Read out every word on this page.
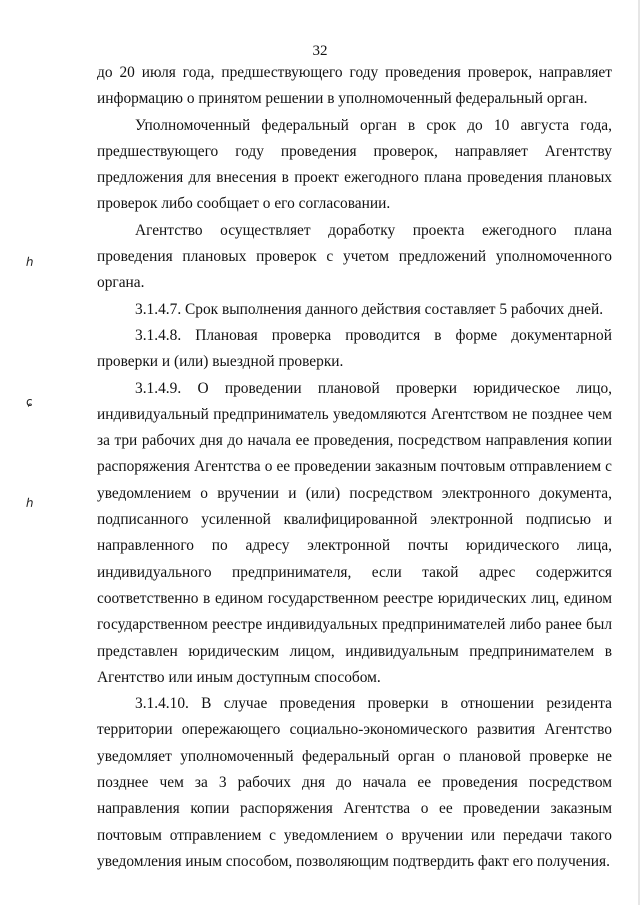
32
ℎ
ɕ
ℎ

до 20 июля года, предшествующего году проведения проверок, направляет информацию о принятом решении в уполномоченный федеральный орган.

Уполномоченный федеральный орган в срок до 10 августа года, предшествующего году проведения проверок, направляет Агентству предложения для внесения в проект ежегодного плана проведения плановых проверок либо сообщает о его согласовании.

Агентство осуществляет доработку проекта ежегодного плана проведения плановых проверок с учетом предложений уполномоченного органа.

3.1.4.7. Срок выполнения данного действия составляет 5 рабочих дней.

3.1.4.8. Плановая проверка проводится в форме документарной проверки и (или) выездной проверки.

3.1.4.9. О проведении плановой проверки юридическое лицо, индивидуальный предприниматель уведомляются Агентством не позднее чем за три рабочих дня до начала ее проведения, посредством направления копии распоряжения Агентства о ее проведении заказным почтовым отправлением с уведомлением о вручении и (или) посредством электронного документа, подписанного усиленной квалифицированной электронной подписью и направленного по адресу электронной почты юридического лица, индивидуального предпринимателя, если такой адрес содержится соответственно в едином государственном реестре юридических лиц, едином государственном реестре индивидуальных предпринимателей либо ранее был представлен юридическим лицом, индивидуальным предпринимателем в Агентство или иным доступным способом.

3.1.4.10. В случае проведения проверки в отношении резидента территории опережающего социально-экономического развития Агентство уведомляет уполномоченный федеральный орган о плановой проверке не позднее чем за 3 рабочих дня до начала ее проведения посредством направления копии распоряжения Агентства о ее проведении заказным почтовым отправлением с уведомлением о вручении или передачи такого уведомления иным способом, позволяющим подтвердить факт его получения.
